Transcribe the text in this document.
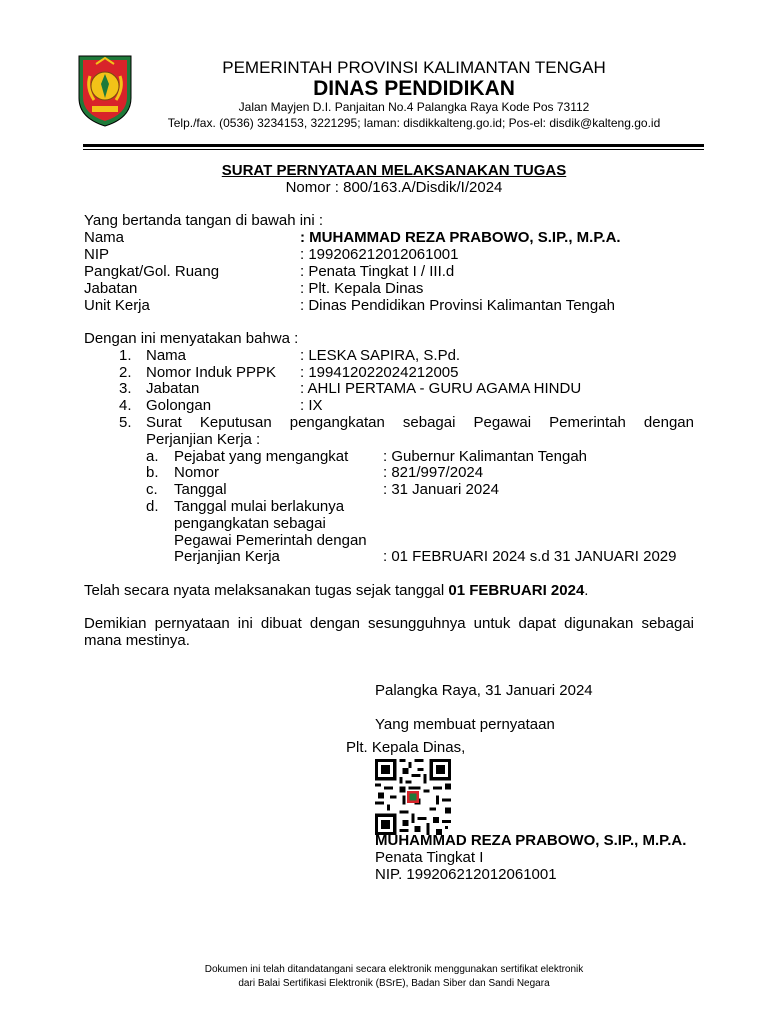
PEMERINTAH PROVINSI KALIMANTAN TENGAH
DINAS PENDIDIKAN
Jalan Mayjen D.I. Panjaitan No.4 Palangka Raya Kode Pos 73112
Telp./fax. (0536) 3234153, 3221295; laman: disdikkalteng.go.id; Pos-el: disdik@kalteng.go.id
SURAT PERNYATAAN MELAKSANAKAN TUGAS
Nomor : 800/163.A/Disdik/I/2024
Yang bertanda tangan di bawah ini :
Nama	: MUHAMMAD REZA PRABOWO, S.IP., M.P.A.
NIP	: 199206212012061001
Pangkat/Gol. Ruang	: Penata Tingkat I / III.d
Jabatan	: Plt. Kepala Dinas
Unit Kerja	: Dinas Pendidikan Provinsi Kalimantan Tengah
Dengan ini menyatakan bahwa :
1. Nama	: LESKA SAPIRA, S.Pd.
2. Nomor Induk PPPK : 199412022024212005
3. Jabatan	: AHLI PERTAMA - GURU AGAMA HINDU
4. Golongan	: IX
5. Surat Keputusan pengangkatan sebagai Pegawai Pemerintah dengan
Perjanjian Kerja :
a. Pejabat yang mengangkat : Gubernur Kalimantan Tengah
b. Nomor	: 821/997/2024
c. Tanggal	: 31 Januari 2024
d. Tanggal mulai berlakunya
pengangkatan sebagai
Pegawai Pemerintah dengan
Perjanjian Kerja	: 01 FEBRUARI 2024 s.d 31 JANUARI 2029
Telah secara nyata melaksanakan tugas sejak tanggal 01 FEBRUARI 2024.
Demikian pernyataan ini dibuat dengan sesungguhnya untuk dapat digunakan sebagai mana mestinya.
Palangka Raya, 31 Januari 2024
Yang membuat pernyataan
Plt. Kepala Dinas,
MUHAMMAD REZA PRABOWO, S.IP., M.P.A.
Penata Tingkat I
NIP. 199206212012061001
Dokumen ini telah ditandatangani secara elektronik menggunakan sertifikat elektronik
dari Balai Sertifikasi Elektronik (BSrE), Badan Siber dan Sandi Negara
